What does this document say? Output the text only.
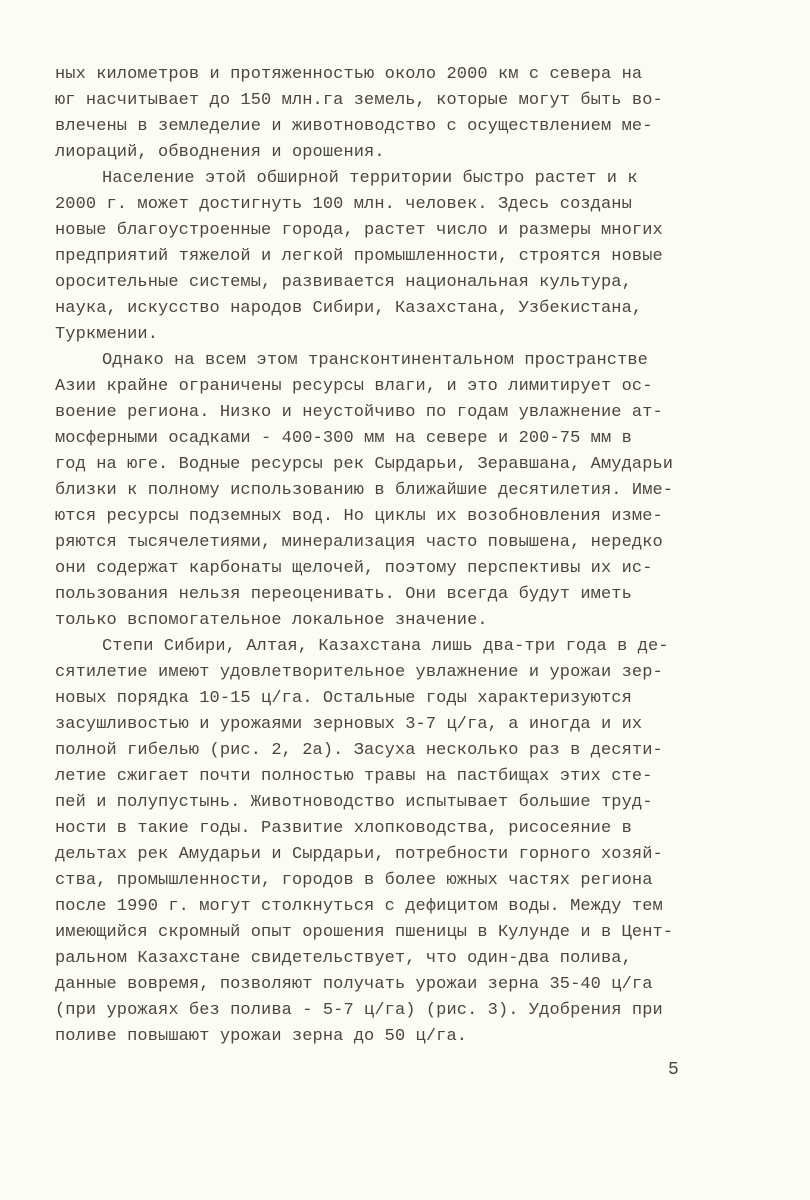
ных километров и протяженностью около 2000 км с севера на
юг насчитывает до 150 млн.га земель, которые могут быть во-
влечены в земледелие и животноводство с осуществлением ме-
лиораций, обводнения и орошения.
Население этой обширной территории быстро растет и к
2000 г. может достигнуть 100 млн. человек. Здесь созданы
новые благоустроенные города, растет число и размеры многих
предприятий тяжелой и легкой промышленности, строятся новые
оросительные системы, развивается национальная культура,
наука, искусство народов Сибири, Казахстана, Узбекистана,
Туркмении.
Однако на всем этом трансконтинентальном пространстве
Азии крайне ограничены ресурсы влаги, и это лимитирует ос-
воение региона. Низко и неустойчиво по годам увлажнение ат-
мосферными осадками - 400-300 мм на севере и 200-75 мм в
год на юге. Водные ресурсы рек Сырдарьи, Зеравшана, Амударьи
близки к полному использованию в ближайшие десятилетия. Име-
ются ресурсы подземных вод. Но циклы их возобновления изме-
ряются тысячелетиями, минерализация часто повышена, нередко
они содержат карбонаты щелочей, поэтому перспективы их ис-
пользования нельзя переоценивать. Они всегда будут иметь
только вспомогательное локальное значение.
Степи Сибири, Алтая, Казахстана лишь два-три года в де-
сятилетие имеют удовлетворительное увлажнение и урожаи зер-
новых порядка 10-15 ц/га. Остальные годы характеризуются
засушливостью и урожаями зерновых 3-7 ц/га, а иногда и их
полной гибелью (рис. 2, 2а). Засуха несколько раз в десяти-
летие сжигает почти полностью травы на пастбищах этих сте-
пей и полупустынь. Животноводство испытывает большие труд-
ности в такие годы. Развитие хлопководства, рисосеяние в
дельтах рек Амударьи и Сырдарьи, потребности горного хозяй-
ства, промышленности, городов в более южных частях региона
после 1990 г. могут столкнуться с дефицитом воды. Между тем
имеющийся скромный опыт орошения пшеницы в Кулунде и в Цент-
ральном Казахстане свидетельствует, что один-два полива,
данные вовремя, позволяют получать урожаи зерна 35-40 ц/га
(при урожаях без полива - 5-7 ц/га) (рис. 3). Удобрения при
поливе повышают урожаи зерна до 50 ц/га.
5
